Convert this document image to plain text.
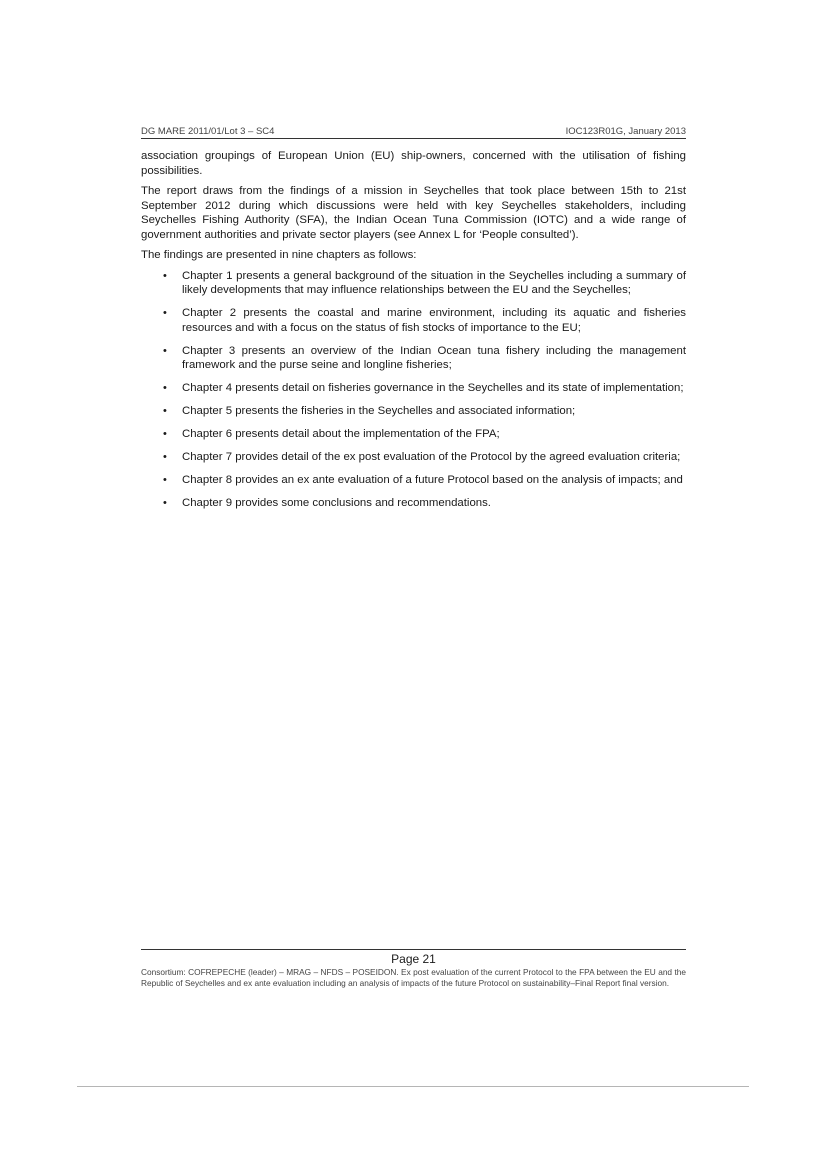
DG MARE 2011/01/Lot 3 – SC4	IOC123R01G, January 2013

association groupings of European Union (EU) ship-owners, concerned with the utilisation of fishing possibilities.

The report draws from the findings of a mission in Seychelles that took place between 15th to 21st September 2012 during which discussions were held with key Seychelles stakeholders, including Seychelles Fishing Authority (SFA), the Indian Ocean Tuna Commission (IOTC) and a wide range of government authorities and private sector players (see Annex L for ‘People consulted’).

The findings are presented in nine chapters as follows:

• Chapter 1 presents a general background of the situation in the Seychelles including a summary of likely developments that may influence relationships between the EU and the Seychelles;
• Chapter 2 presents the coastal and marine environment, including its aquatic and fisheries resources and with a focus on the status of fish stocks of importance to the EU;
• Chapter 3 presents an overview of the Indian Ocean tuna fishery including the management framework and the purse seine and longline fisheries;
• Chapter 4 presents detail on fisheries governance in the Seychelles and its state of implementation;
• Chapter 5 presents the fisheries in the Seychelles and associated information;
• Chapter 6 presents detail about the implementation of the FPA;
• Chapter 7 provides detail of the ex post evaluation of the Protocol by the agreed evaluation criteria;
• Chapter 8 provides an ex ante evaluation of a future Protocol based on the analysis of impacts; and
• Chapter 9 provides some conclusions and recommendations.
Page 21
Consortium: COFREPECHE (leader) – MRAG – NFDS – POSEIDON. Ex post evaluation of the current Protocol to the FPA between the EU and the Republic of Seychelles and ex ante evaluation including an analysis of impacts of the future Protocol on sustainability–Final Report final version.
